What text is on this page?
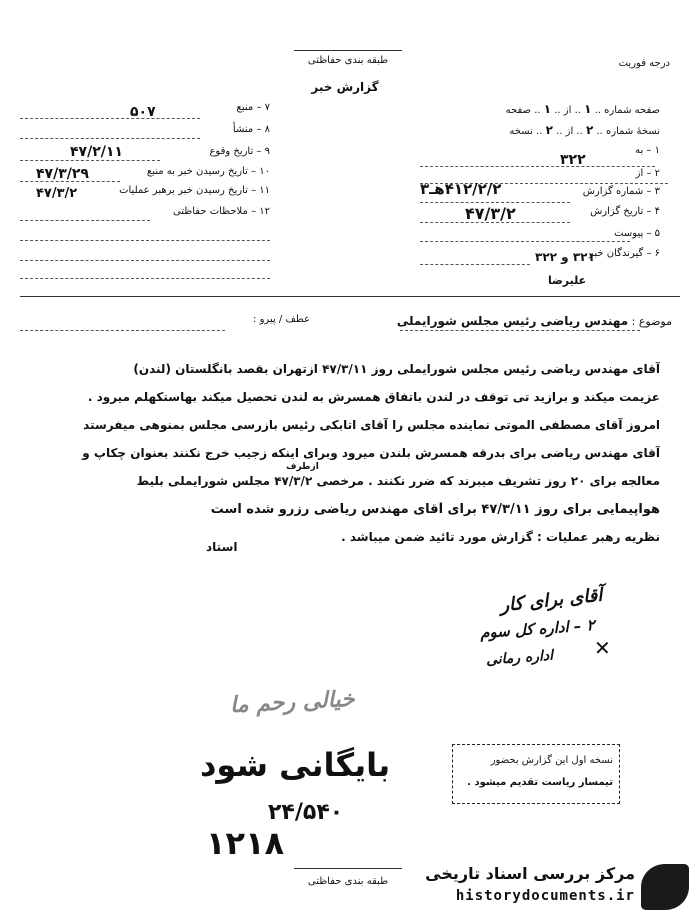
طبقه بندی حفاظتی	درجه فوریت
گزارش خبر
صفحه شماره .. ۱ .. از .. ۱ .. صفحه
نسخهٔ شماره .. ۲ .. از .. ۲ .. نسخه
۱ – به
۳۲۲
۲ – از
۳ – شماره گزارش
۴۱۲/۲/۲هـ۳
۴ – تاریخ گزارش
۴۷/۳/۲
۵ – پیوست
۶ – گیرندگان خبر
۳۲۱ و ۳۲۲
۷ – منبع
۵۰۷
۸ – منشأ
۹ – تاریخ وقوع
۴۷/۲/۱۱
۱۰ – تاریخ رسیدن خبر به منبع
۴۷/۳/۲۹
۱۱ – تاریخ رسیدن خبر برهبر عملیات
۴۷/۳/۲
۱۲ – ملاحظات حفاظتی
علیرضا
موضوع : مهندس ریاضی رئیس مجلس شورایملی
عطف / پیرو :
آقای مهندس ریاضی رئیس مجلس شورایملی روز ۴۷/۳/۱۱ ازتهران بقصد بانگلستان (لندن)
عزیمت میکند و برازید تی توقف در لندن باتفاق همسرش به لندن تحصیل میکند بهاستکهلم میرود .
امروز آقای مصطفی الموتی نماینده مجلس را آقای اتابکی رئیس بازرسی مجلس بمنوهی میفرستد
آقای مهندس ریاضی برای بدرقه همسرش بلندن میرود وبرای اینکه زجیب خرج نکنند بعنوان چکاپ و
ازطرف
معالجه برای ۲۰ روز تشریف میبرند که ضرر نکنند . مرخصی ۴۷/۳/۲ مجلس شورایملی بلیط
هواپیمایی برای روز ۴۷/۳/۱۱ برای آقای مهندس ریاضی رزرو شده است
نظریه رهبر عملیات : گزارش مورد تائید ضمن میباشد .
استاد
آقای برای کار
۲ – اداره کل سوم
✕
اداره رمانی
خیالی رحم ما
بایگانی شود
۲۴/۵۴۰
۱۲۱۸
نسخه اول این گزارش بحضور
تیمسار ریاست تقدیم میشود .
طبقه بندی حفاظتی	مرکز بررسی اسناد تاریخی
historydocuments.ir
